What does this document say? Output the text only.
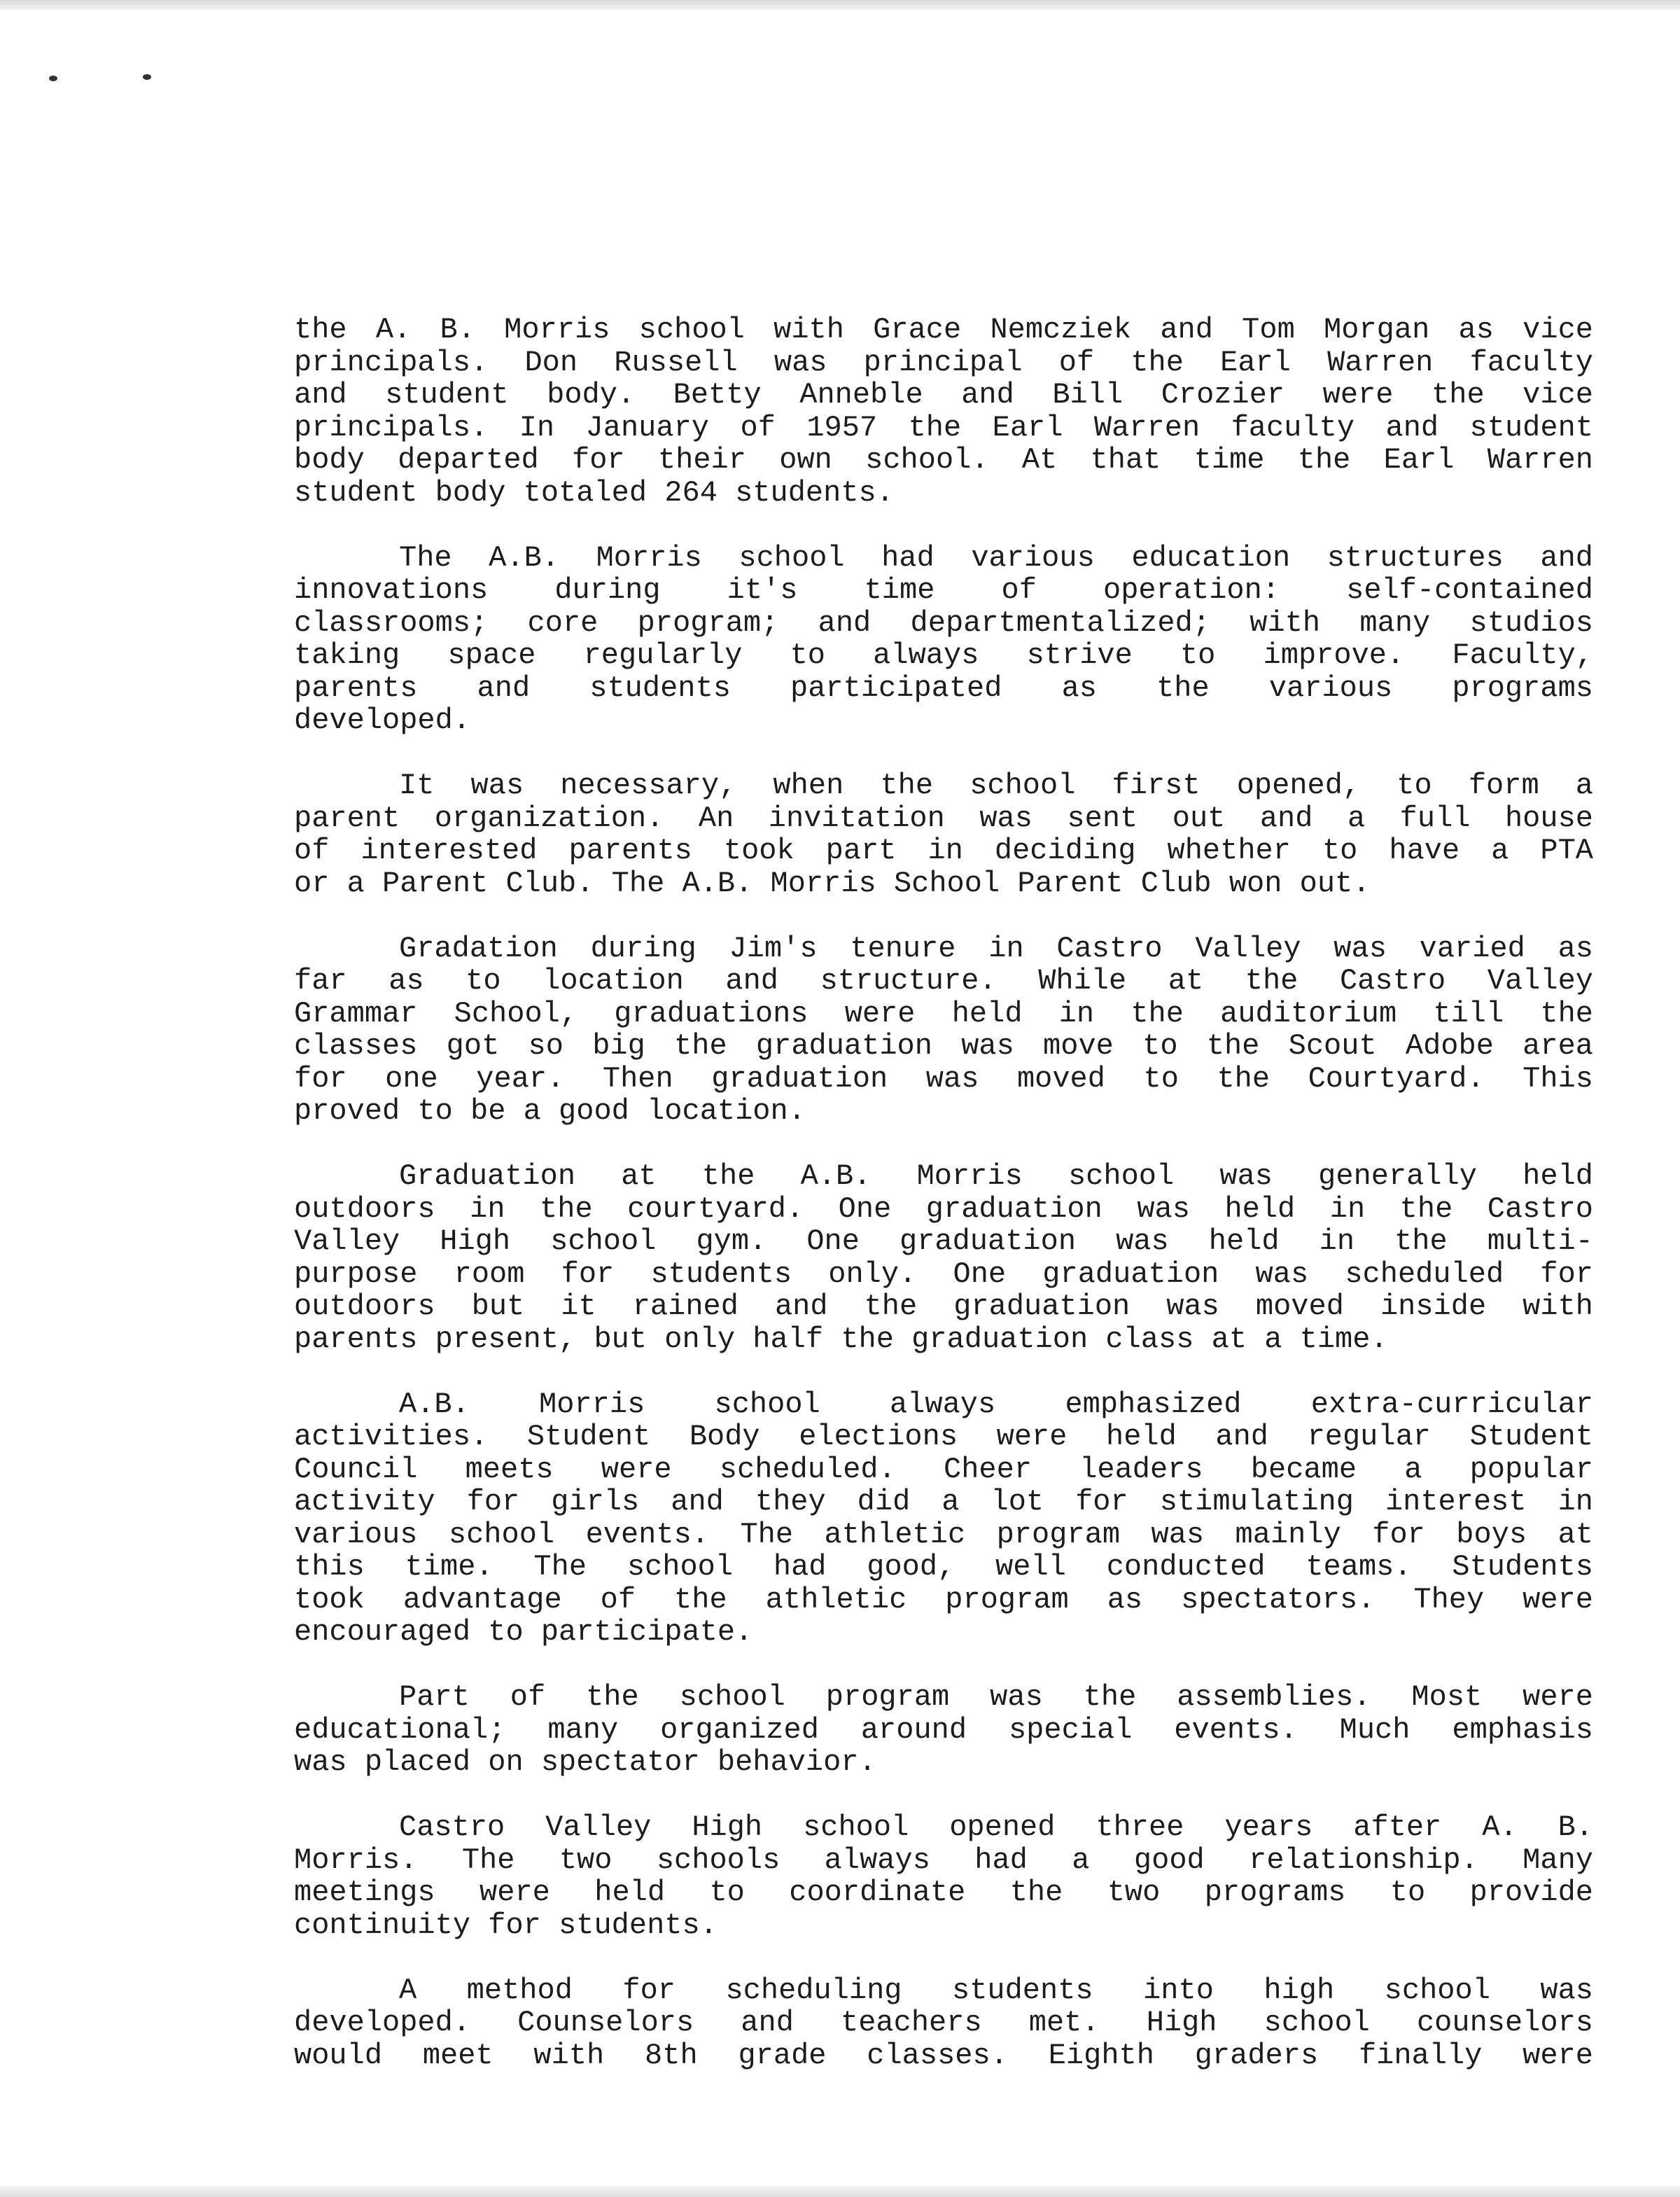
the A. B. Morris school with Grace Nemcziek and Tom Morgan as vice
principals. Don Russell was principal of the Earl Warren faculty
and student body. Betty Anneble and Bill Crozier were the vice
principals. In January of 1957 the Earl Warren faculty and student
body departed for their own school. At that time the Earl Warren
student body totaled 264 students.
The A.B. Morris school had various education structures and
innovations during it's time of operation: self-contained
classrooms; core program; and departmentalized; with many studios
taking space regularly to always strive to improve. Faculty,
parents and students participated as the various programs
developed.
It was necessary, when the school first opened, to form a
parent organization. An invitation was sent out and a full house
of interested parents took part in deciding whether to have a PTA
or a Parent Club. The A.B. Morris School Parent Club won out.
Gradation during Jim's tenure in Castro Valley was varied as
far as to location and structure. While at the Castro Valley
Grammar School, graduations were held in the auditorium till the
classes got so big the graduation was move to the Scout Adobe area
for one year. Then graduation was moved to the Courtyard. This
proved to be a good location.
Graduation at the A.B. Morris school was generally held
outdoors in the courtyard. One graduation was held in the Castro
Valley High school gym. One graduation was held in the multi-
purpose room for students only. One graduation was scheduled for
outdoors but it rained and the graduation was moved inside with
parents present, but only half the graduation class at a time.
A.B. Morris school always emphasized extra-curricular
activities. Student Body elections were held and regular Student
Council meets were scheduled. Cheer leaders became a popular
activity for girls and they did a lot for stimulating interest in
various school events. The athletic program was mainly for boys at
this time. The school had good, well conducted teams. Students
took advantage of the athletic program as spectators. They were
encouraged to participate.
Part of the school program was the assemblies. Most were
educational; many organized around special events. Much emphasis
was placed on spectator behavior.
Castro Valley High school opened three years after A. B.
Morris. The two schools always had a good relationship. Many
meetings were held to coordinate the two programs to provide
continuity for students.
A method for scheduling students into high school was
developed. Counselors and teachers met. High school counselors
would meet with 8th grade classes. Eighth graders finally were
